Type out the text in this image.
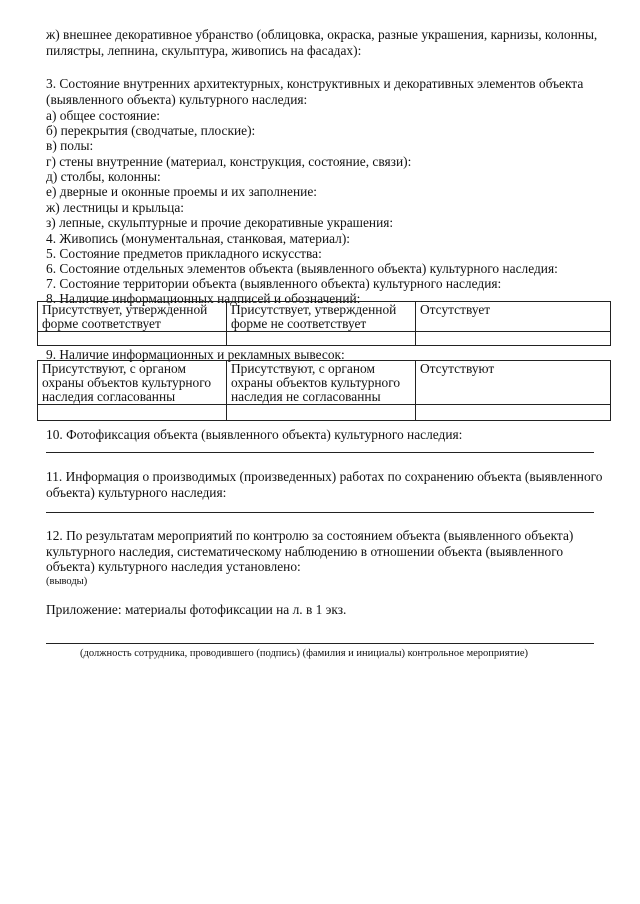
ж) внешнее декоративное убранство (облицовка, окраска, разные украшения, карнизы, колонны,
пилястры, лепнина, скульптура, живопись на фасадах):
3. Состояние внутренних архитектурных, конструктивных и декоративных элементов объекта
(выявленного объекта) культурного наследия:
а) общее состояние:
б) перекрытия (сводчатые, плоские):
в) полы:
г) стены внутренние (материал, конструкция, состояние, связи):
д) столбы, колонны:
е) дверные и оконные проемы и их заполнение:
ж) лестницы и крыльца:
з) лепные, скульптурные и прочие декоративные украшения:
4. Живопись (монументальная, станковая, материал):
5. Состояние предметов прикладного искусства:
6. Состояние отдельных элементов объекта (выявленного объекта) культурного наследия:
7. Состояние территории объекта (выявленного объекта) культурного наследия:
8. Наличие информационных надписей и обозначений:
Присутствует, утвержденной
форме соответствует	Присутствует, утвержденной
форме не соответствует	Отсутствует

9. Наличие информационных и рекламных вывесок:
Присутствуют, с органом
охраны объектов культурного
наследия согласованны	Присутствуют, с органом
охраны объектов культурного
наследия не согласованны	Отсутствуют

10. Фотофиксация объекта (выявленного объекта) культурного наследия:
11. Информация о производимых (произведенных) работах по сохранению объекта (выявленного
объекта) культурного наследия:
12. По результатам мероприятий по контролю за состоянием объекта (выявленного объекта)
культурного наследия, систематическому наблюдению в отношении объекта (выявленного
объекта) культурного наследия установлено:
(выводы)
Приложение: материалы фотофиксации на л. в 1 экз.
(должность сотрудника, проводившего (подпись) (фамилия и инициалы) контрольное мероприятие)
